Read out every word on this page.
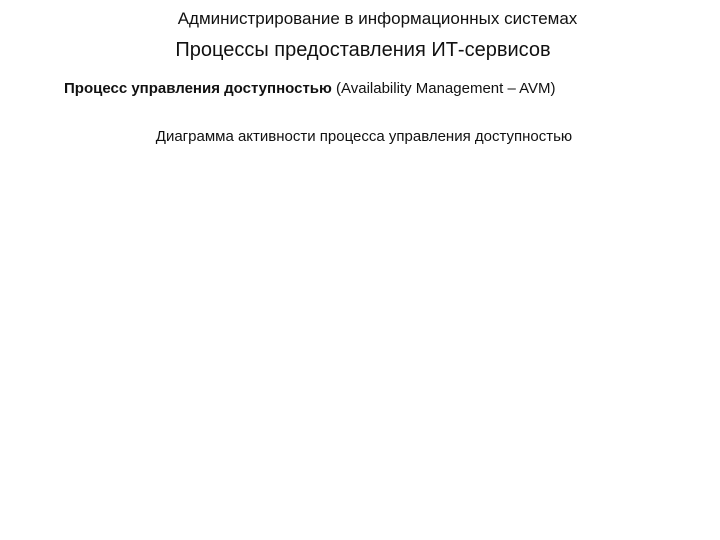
Администрирование в информационных системах
Процессы предоставления ИТ-сервисов
Процесс управления доступностью (Availability Management – AVM)
Диаграмма активности процесса управления доступностью
